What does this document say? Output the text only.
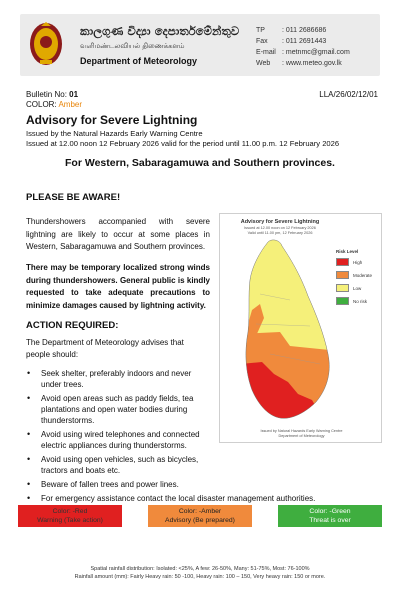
කාලගුණ විද්‍යා දෙපාර්තමේන්තුව
வளிமண்டலவியல் திணைக்களம்
Department of Meteorology
TP	: 011 2686686
Fax	: 011 2691443
E-mail : metnmc@gmail.com
Web	: www.meteo.gov.lk
Bulletin No: 01
COLOR: Amber
LLA/26/02/12/01
Advisory for Severe Lightning
Issued by the Natural Hazards Early Warning Centre
Issued at 12.00 noon 12 February 2026 valid for the period until 11.00 p.m. 12 February 2026
For Western, Sabaragamuwa and Southern provinces.
PLEASE BE AWARE!
Thundershowers accompanied with severe lightning are likely to occur at some places in Western, Sabaragamuwa and Southern provinces.
There may be temporary localized strong winds during thundershowers. General public is kindly requested to take adequate precautions to minimize damages caused by lightning activity.
ACTION REQUIRED:
The Department of Meteorology advises that people should:
• Seek shelter, preferably indoors and never under trees.
• Avoid open areas such as paddy fields, tea plantations and open water bodies during thunderstorms.
• Avoid using wired telephones and connected electric appliances during thunderstorms.
• Avoid using open vehicles, such as bicycles, tractors and boats etc.
• Beware of fallen trees and power lines.
• For emergency assistance contact the local disaster management authorities.
Advisory for Severe Lightning
Issued at 12.00 noon on 12 February 2026
Valid until 11.00 pm, 12 February 2026
Risk Level
High
Moderate
Low
No risk
Issued by Natural Hazards Early Warning Centre
Department of Meteorology
Color: -Red
Warning (Take action)
Color: -Amber
Advisory (Be prepared)
Color: -Green
Threat is over
Spatial rainfall distribution: Isolated: <25%, A few: 26-50%, Many: 51-75%, Most: 76-100%
Rainfall amount (mm): Fairly Heavy rain: 50 -100, Heavy rain: 100 – 150, Very heavy rain: 150 or more.
